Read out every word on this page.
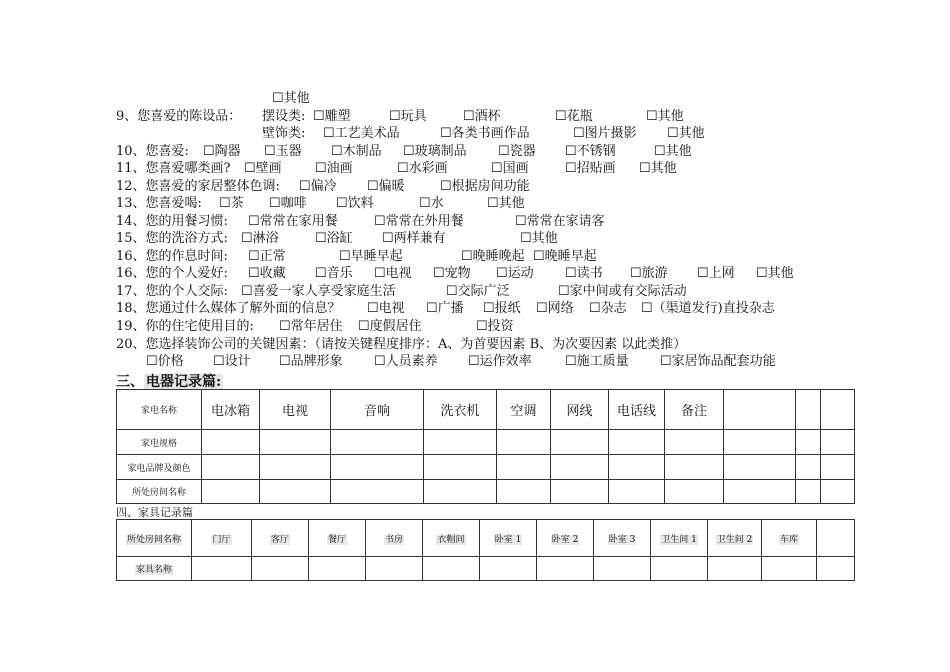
☐其他
9、您喜爱的陈设品： 摆设类: ☐雕塑	☐玩具	☐酒杯	☐花瓶	☐其他
壁饰类: ☐工艺美术品	☐各类书画作品	☐图片摄影 ☐其他
10、您喜爱: ☐陶器 ☐玉器 ☐木制品 ☐玻璃制品 ☐瓷器 ☐不锈钢	☐其他
11、您喜爱哪类画? ☐壁画	☐油画	☐水彩画	☐国画	☐招贴画 ☐其他
12、您喜爱的家居整体色调: ☐偏冷 ☐偏暖	☐根据房间功能
13、您喜爱喝: ☐茶 ☐咖啡 ☐饮料	☐水	☐其他
14、您的用餐习惯: ☐常常在家用餐	☐常常在外用餐	☐常常在家请客
15、您的洗浴方式: ☐淋浴	☐浴缸 ☐两样兼有	☐其他
16、您的作息时间: ☐正常	☐早睡早起	☐晚睡晚起 ☐晚睡早起
16、您的个人爱好: ☐收藏 ☐音乐 ☐电视 ☐宠物 ☐运动 ☐读书 ☐旅游 ☐上网 ☐其他
17、您的个人交际: ☐喜爱一家人享受家庭生活	☐交际广泛	☐家中间或有交际活动
18、您通过什么媒体了解外面的信息？ ☐电视 ☐广播 ☐报纸 ☐网络 ☐杂志 ☐（渠道发行)直投杂志
19、你的住宅使用目的: ☐常年居住 ☐度假居住	☐投资
20、您选择装饰公司的关键因素：（请按关键程度排序：A、为首要因素 B、为次要因素 以此类推）
☐价格 ☐设计 ☐品牌形象 ☐人员素养 ☐运作效率	☐施工质量 ☐家居饰品配套功能
三、 电器记录篇:
家电名称	电冰箱	电视	音响	洗衣机	空调	网线	电话线	备注			
家电规格											
家电品牌及颜色											
所处房间名称											
四、家具记录篇
所处房间名称	门厅	客厅	餐厅	书房	衣帽间	卧室 1	卧室 2	卧室 3	卫生间 1	卫生间 2	车库	
家具名称												
